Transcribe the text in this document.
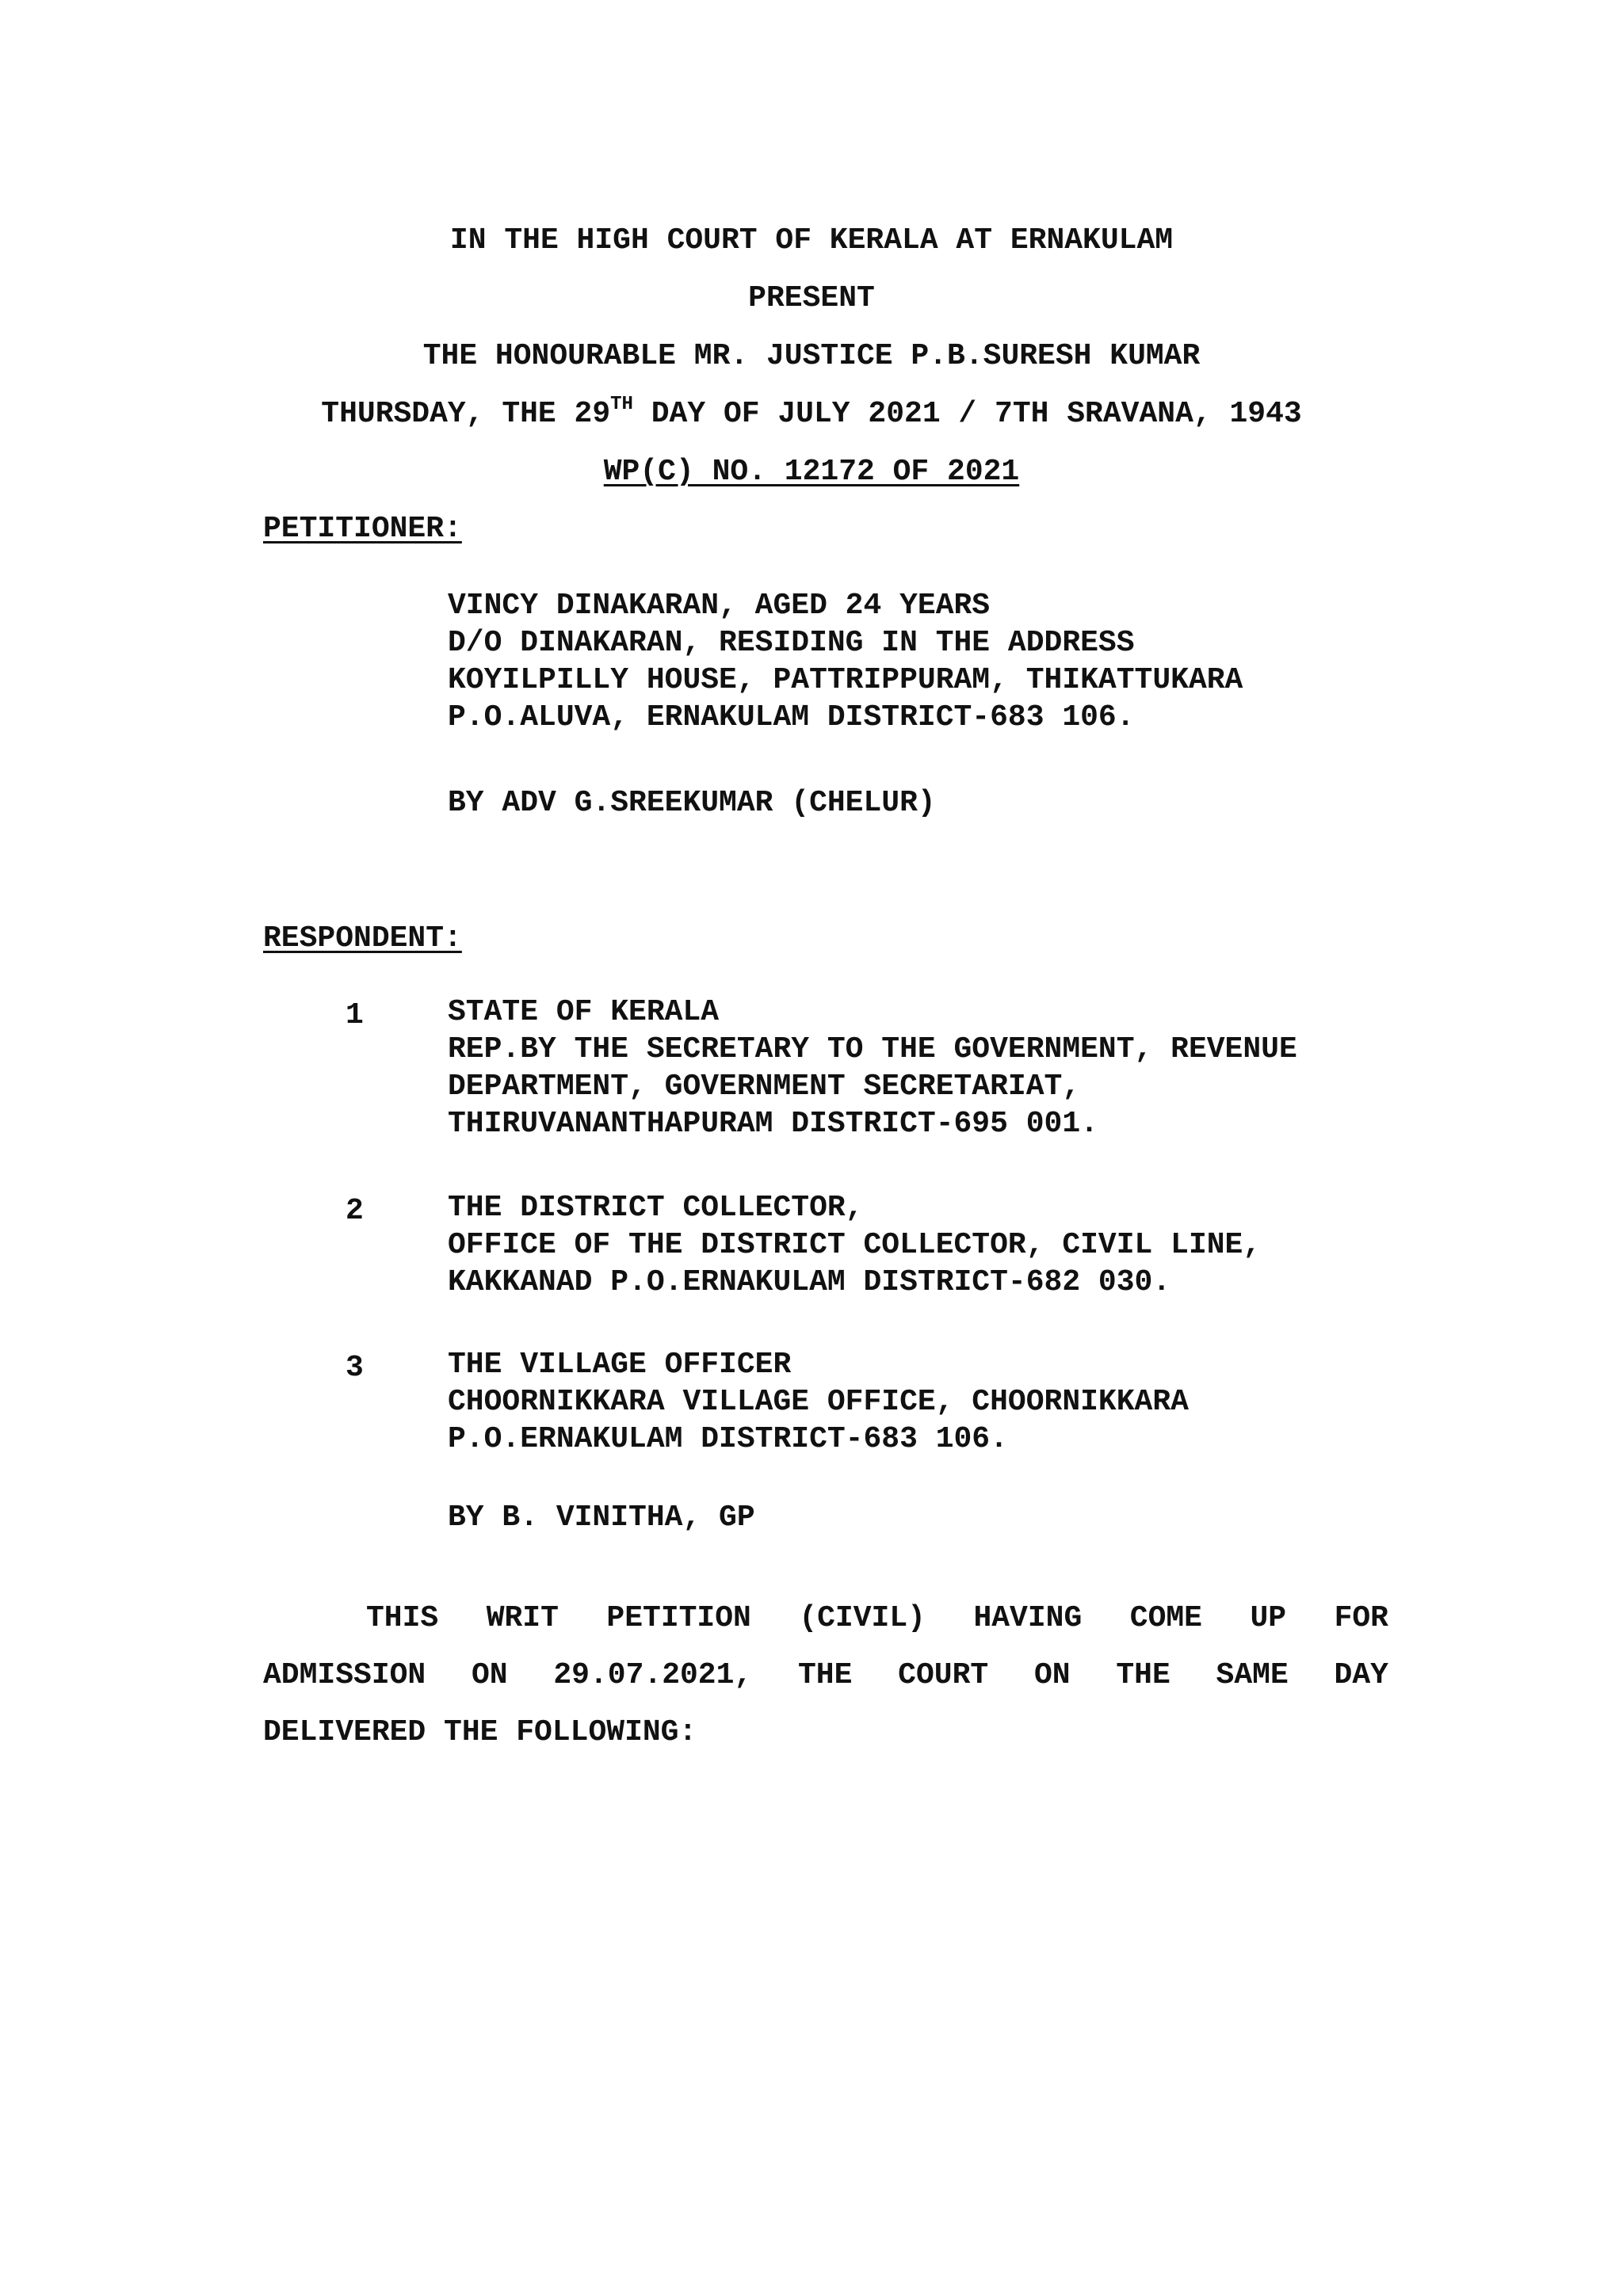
IN THE HIGH COURT OF KERALA AT ERNAKULAM
PRESENT
THE HONOURABLE MR. JUSTICE P.B.SURESH KUMAR
THURSDAY, THE 29TH DAY OF JULY 2021 / 7TH SRAVANA, 1943
WP(C) NO. 12172 OF 2021
PETITIONER:
VINCY DINAKARAN, AGED 24 YEARS
D/O DINAKARAN, RESIDING IN THE ADDRESS
KOYILPILLY HOUSE, PATTRIPPURAM, THIKATTUKARA
P.O.ALUVA, ERNAKULAM DISTRICT-683 106.
BY ADV G.SREEKUMAR (CHELUR)
RESPONDENT:
1	STATE OF KERALA
REP.BY THE SECRETARY TO THE GOVERNMENT, REVENUE
DEPARTMENT, GOVERNMENT SECRETARIAT,
THIRUVANANTHAPURAM DISTRICT-695 001.
2	THE DISTRICT COLLECTOR,
OFFICE OF THE DISTRICT COLLECTOR, CIVIL LINE,
KAKKANAD P.O.ERNAKULAM DISTRICT-682 030.
3	THE VILLAGE OFFICER
CHOORNIKKARA VILLAGE OFFICE, CHOORNIKKARA
P.O.ERNAKULAM DISTRICT-683 106.
BY B. VINITHA, GP
THIS WRIT PETITION (CIVIL) HAVING COME UP FOR
ADMISSION ON 29.07.2021, THE COURT ON THE SAME DAY
DELIVERED THE FOLLOWING:
